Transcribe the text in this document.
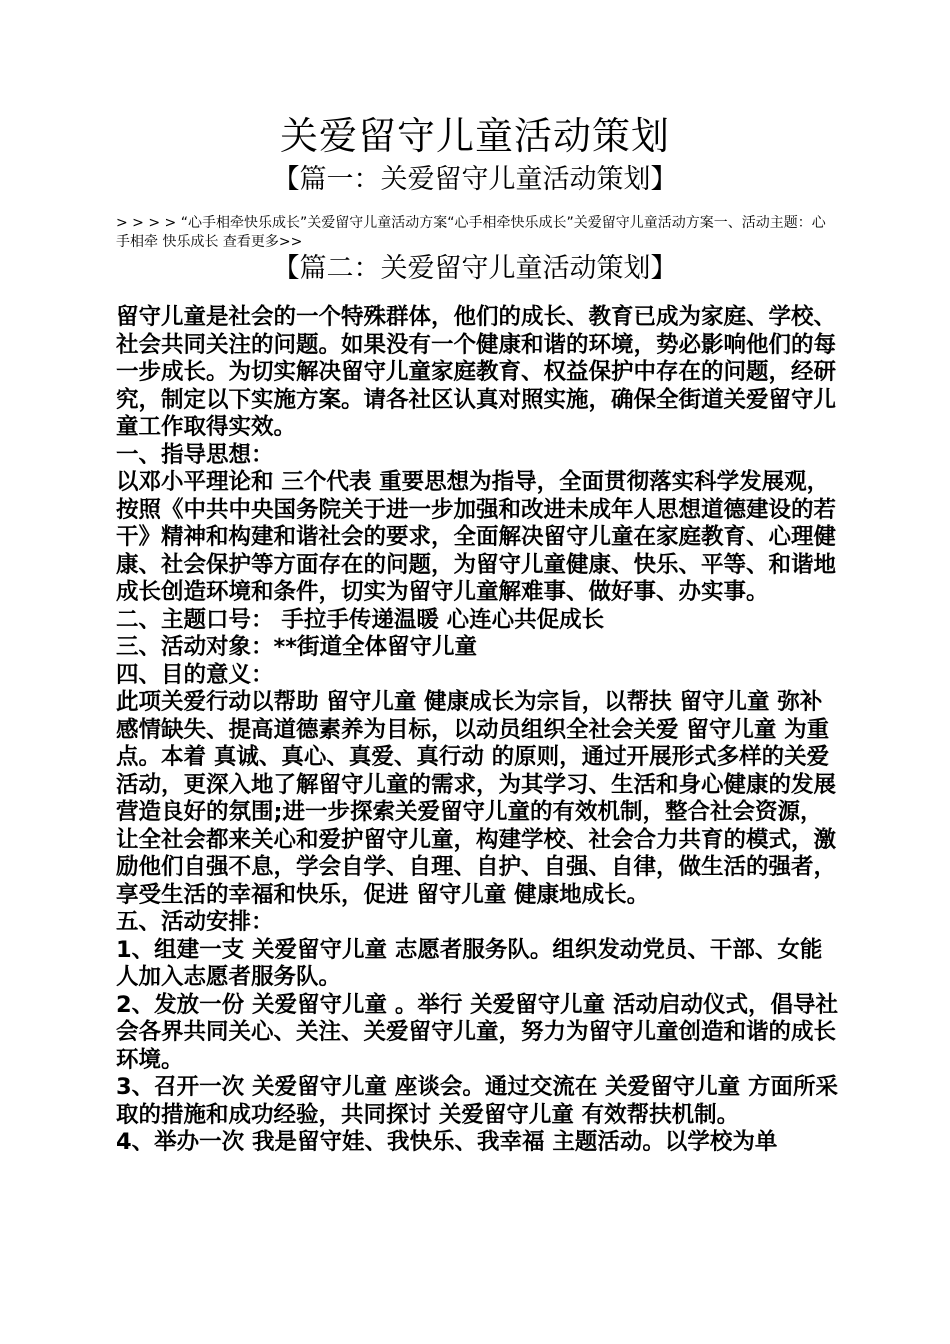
关爱留守儿童活动策划
【篇一：关爱留守儿童活动策划】
> > > > “心手相牵快乐成长”关爱留守儿童活动方案“心手相牵快乐成长”关爱留守儿童活动方案一、活动主题：心手相牵 快乐成长 查看更多>>
【篇二：关爱留守儿童活动策划】

留守儿童是社会的一个特殊群体，他们的成长、教育已成为家庭、学校、社会共同关注的问题。如果没有一个健康和谐的环境，势必影响他们的每一步成长。为切实解决留守儿童家庭教育、权益保护中存在的问题，经研究，制定以下实施方案。请各社区认真对照实施，确保全街道关爱留守儿童工作取得实效。

一、指导思想：

以邓小平理论和 三个代表 重要思想为指导，全面贯彻落实科学发展观，按照《中共中央国务院关于进一步加强和改进未成年人思想道德建设的若干》精神和构建和谐社会的要求，全面解决留守儿童在家庭教育、心理健康、社会保护等方面存在的问题，为留守儿童健康、快乐、平等、和谐地成长创造环境和条件，切实为留守儿童解难事、做好事、办实事。

二、主题口号： 手拉手传递温暖 心连心共促成长

三、活动对象：**街道全体留守儿童

四、目的意义：

此项关爱行动以帮助 留守儿童 健康成长为宗旨，以帮扶 留守儿童 弥补感情缺失、提高道德素养为目标，以动员组织全社会关爱 留守儿童 为重点。本着 真诚、真心、真爱、真行动 的原则，通过开展形式多样的关爱活动，更深入地了解留守儿童的需求，为其学习、生活和身心健康的发展营造良好的氛围;进一步探索关爱留守儿童的有效机制，整合社会资源，让全社会都来关心和爱护留守儿童，构建学校、社会合力共育的模式，激励他们自强不息，学会自学、自理、自护、自强、自律，做生活的强者，享受生活的幸福和快乐，促进 留守儿童 健康地成长。

五、活动安排：

1、组建一支 关爱留守儿童 志愿者服务队。组织发动党员、干部、女能人加入志愿者服务队。

2、发放一份 关爱留守儿童 。举行 关爱留守儿童 活动启动仪式，倡导社会各界共同关心、关注、关爱留守儿童，努力为留守儿童创造和谐的成长环境。

3、召开一次 关爱留守儿童 座谈会。通过交流在 关爱留守儿童 方面所采取的措施和成功经验，共同探讨 关爱留守儿童 有效帮扶机制。

4、举办一次 我是留守娃、我快乐、我幸福 主题活动。以学校为单
